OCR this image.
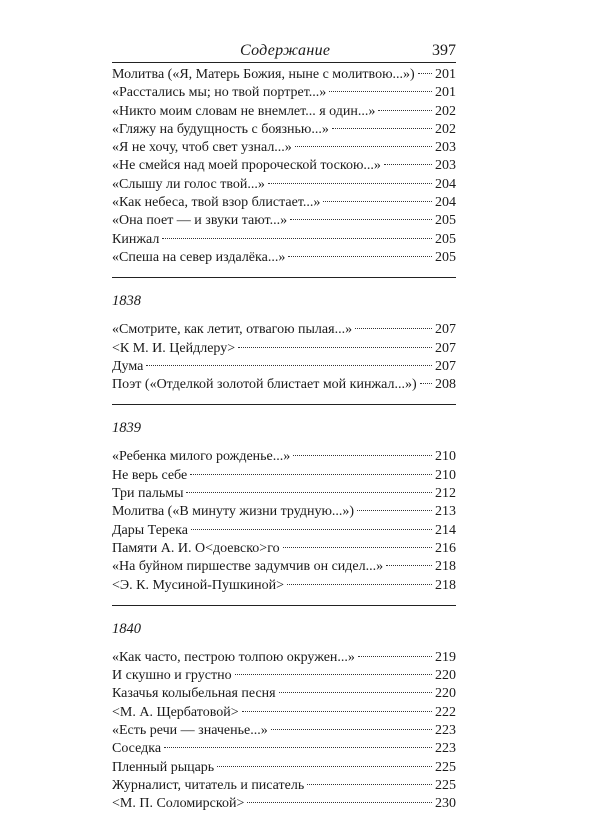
Содержание	397
Молитва («Я, Матерь Божия, ныне с молитвою...») 201
«Расстались мы; но твой портрет...»	201
«Никто моим словам не внемлет... я один...»	202
«Гляжу на будущность с боязнью...»	202
«Я не хочу, чтоб свет узнал...»	203
«Не смейся над моей пророческой тоскою...»	203
«Слышу ли голос твой...»	204
«Как небеса, твой взор блистает...»	204
«Она поет — и звуки тают...»	205
Кинжал	205
«Спеша на север издалёка...»	205
1838
«Смотрите, как летит, отвагою пылая...»	207
<К М. И. Цейдлеру>	207
Дума	207
Поэт («Отделкой золотой блистает мой кинжал...») 208
1839
«Ребенка милого рожденье...»	210
Не верь себе	210
Три пальмы	212
Молитва («В минуту жизни трудную...»)	213
Дары Терека	214
Памяти А. И. О<доевско>го	216
«На буйном пиршестве задумчив он сидел...»	218
<Э. К. Мусиной-Пушкиной>	218
1840
«Как часто, пестрою толпою окружен...»	219
И скушно и грустно	220
Казачья колыбельная песня	220
<М. А. Щербатовой>	222
«Есть речи — значенье...»	223
Соседка	223
Пленный рыцарь	225
Журналист, читатель и писатель	225
<М. П. Соломирской>	230
